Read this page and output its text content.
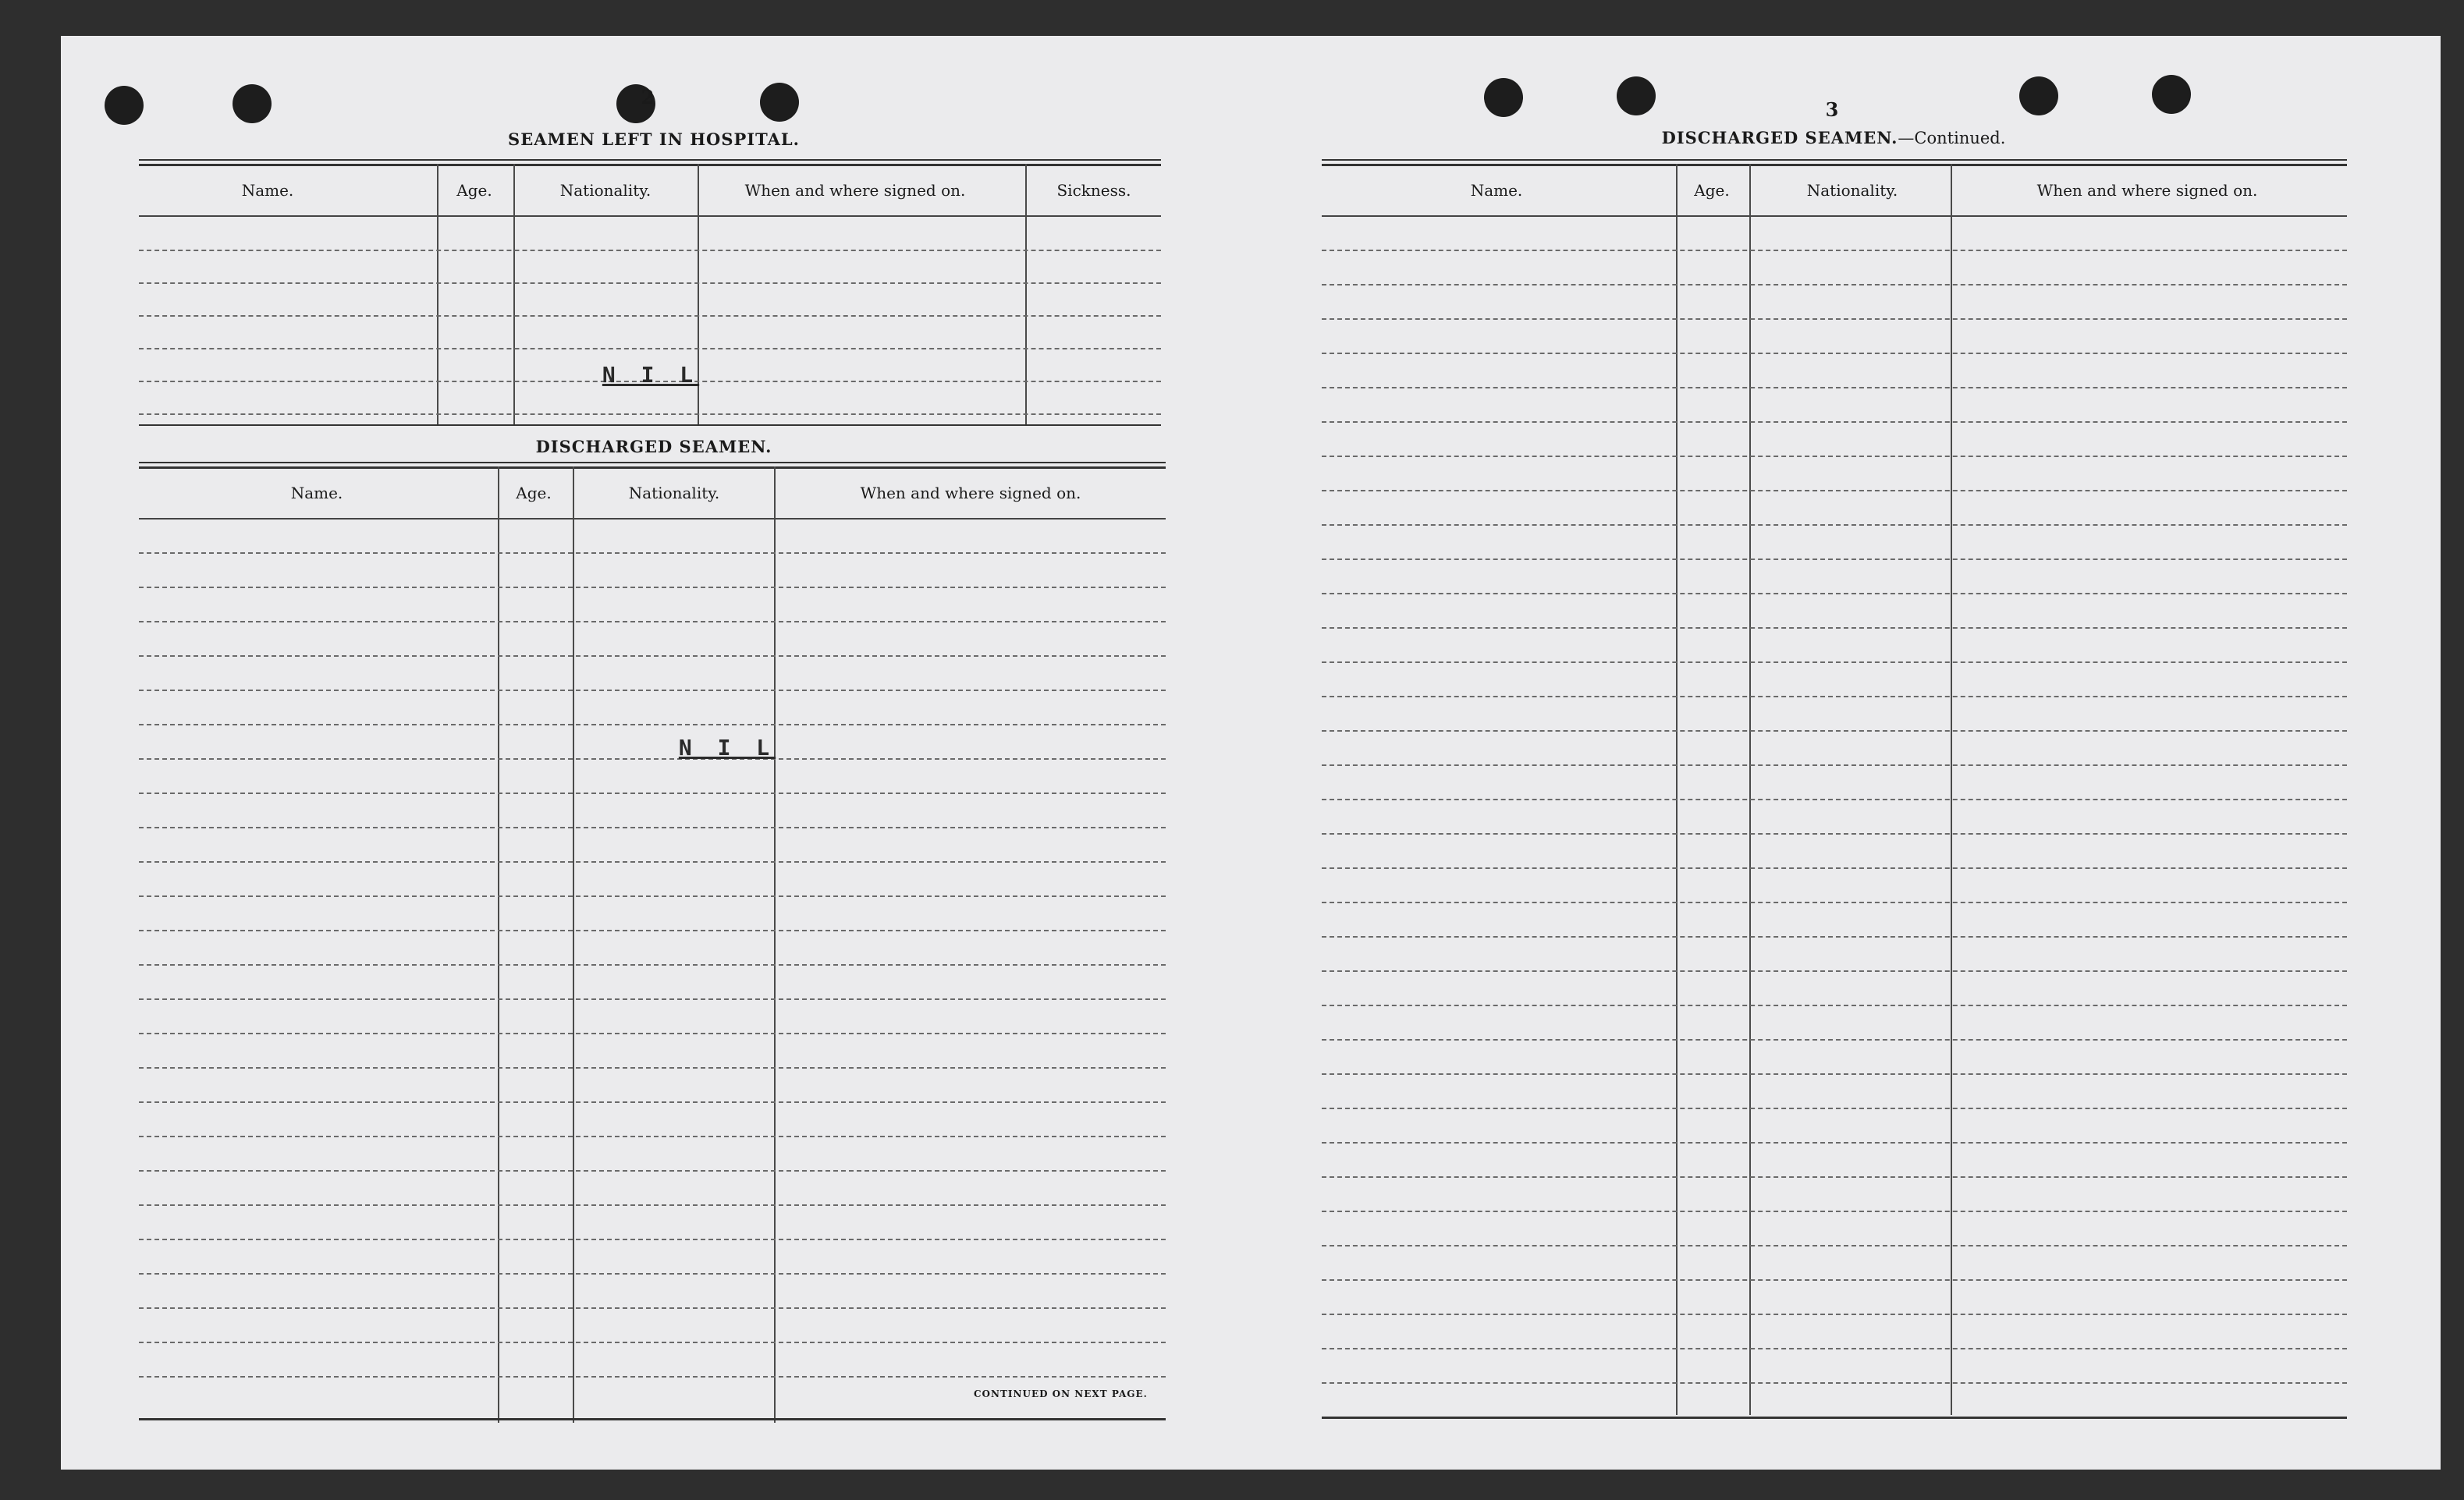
2
SEAMEN LEFT IN HOSPITAL.
Name.	Age.	Nationality.	When and where signed on.	Sickness.
N I L
DISCHARGED SEAMEN.
Name.	Age.	Nationality.	When and where signed on.
N I L
CONTINUED ON NEXT PAGE.
3
DISCHARGED SEAMEN.—Continued.
Name.	Age.	Nationality.	When and where signed on.
